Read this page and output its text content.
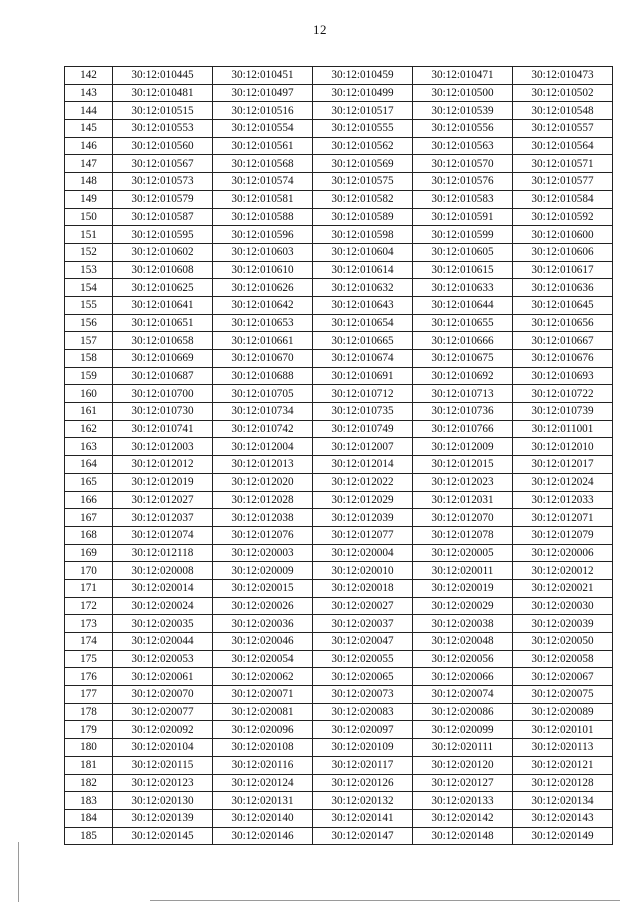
12
142	30:12:010445	30:12:010451	30:12:010459	30:12:010471	30:12:010473
143	30:12:010481	30:12:010497	30:12:010499	30:12:010500	30:12:010502
144	30:12:010515	30:12:010516	30:12:010517	30:12:010539	30:12:010548
145	30:12:010553	30:12:010554	30:12:010555	30:12:010556	30:12:010557
146	30:12:010560	30:12:010561	30:12:010562	30:12:010563	30:12:010564
147	30:12:010567	30:12:010568	30:12:010569	30:12:010570	30:12:010571
148	30:12:010573	30:12:010574	30:12:010575	30:12:010576	30:12:010577
149	30:12:010579	30:12:010581	30:12:010582	30:12:010583	30:12:010584
150	30:12:010587	30:12:010588	30:12:010589	30:12:010591	30:12:010592
151	30:12:010595	30:12:010596	30:12:010598	30:12:010599	30:12:010600
152	30:12:010602	30:12:010603	30:12:010604	30:12:010605	30:12:010606
153	30:12:010608	30:12:010610	30:12:010614	30:12:010615	30:12:010617
154	30:12:010625	30:12:010626	30:12:010632	30:12:010633	30:12:010636
155	30:12:010641	30:12:010642	30:12:010643	30:12:010644	30:12:010645
156	30:12:010651	30:12:010653	30:12:010654	30:12:010655	30:12:010656
157	30:12:010658	30:12:010661	30:12:010665	30:12:010666	30:12:010667
158	30:12:010669	30:12:010670	30:12:010674	30:12:010675	30:12:010676
159	30:12:010687	30:12:010688	30:12:010691	30:12:010692	30:12:010693
160	30:12:010700	30:12:010705	30:12:010712	30:12:010713	30:12:010722
161	30:12:010730	30:12:010734	30:12:010735	30:12:010736	30:12:010739
162	30:12:010741	30:12:010742	30:12:010749	30:12:010766	30:12:011001
163	30:12:012003	30:12:012004	30:12:012007	30:12:012009	30:12:012010
164	30:12:012012	30:12:012013	30:12:012014	30:12:012015	30:12:012017
165	30:12:012019	30:12:012020	30:12:012022	30:12:012023	30:12:012024
166	30:12:012027	30:12:012028	30:12:012029	30:12:012031	30:12:012033
167	30:12:012037	30:12:012038	30:12:012039	30:12:012070	30:12:012071
168	30:12:012074	30:12:012076	30:12:012077	30:12:012078	30:12:012079
169	30:12:012118	30:12:020003	30:12:020004	30:12:020005	30:12:020006
170	30:12:020008	30:12:020009	30:12:020010	30:12:020011	30:12:020012
171	30:12:020014	30:12:020015	30:12:020018	30:12:020019	30:12:020021
172	30:12:020024	30:12:020026	30:12:020027	30:12:020029	30:12:020030
173	30:12:020035	30:12:020036	30:12:020037	30:12:020038	30:12:020039
174	30:12:020044	30:12:020046	30:12:020047	30:12:020048	30:12:020050
175	30:12:020053	30:12:020054	30:12:020055	30:12:020056	30:12:020058
176	30:12:020061	30:12:020062	30:12:020065	30:12:020066	30:12:020067
177	30:12:020070	30:12:020071	30:12:020073	30:12:020074	30:12:020075
178	30:12:020077	30:12:020081	30:12:020083	30:12:020086	30:12:020089
179	30:12:020092	30:12:020096	30:12:020097	30:12:020099	30:12:020101
180	30:12:020104	30:12:020108	30:12:020109	30:12:020111	30:12:020113
181	30:12:020115	30:12:020116	30:12:020117	30:12:020120	30:12:020121
182	30:12:020123	30:12:020124	30:12:020126	30:12:020127	30:12:020128
183	30:12:020130	30:12:020131	30:12:020132	30:12:020133	30:12:020134
184	30:12:020139	30:12:020140	30:12:020141	30:12:020142	30:12:020143
185	30:12:020145	30:12:020146	30:12:020147	30:12:020148	30:12:020149
